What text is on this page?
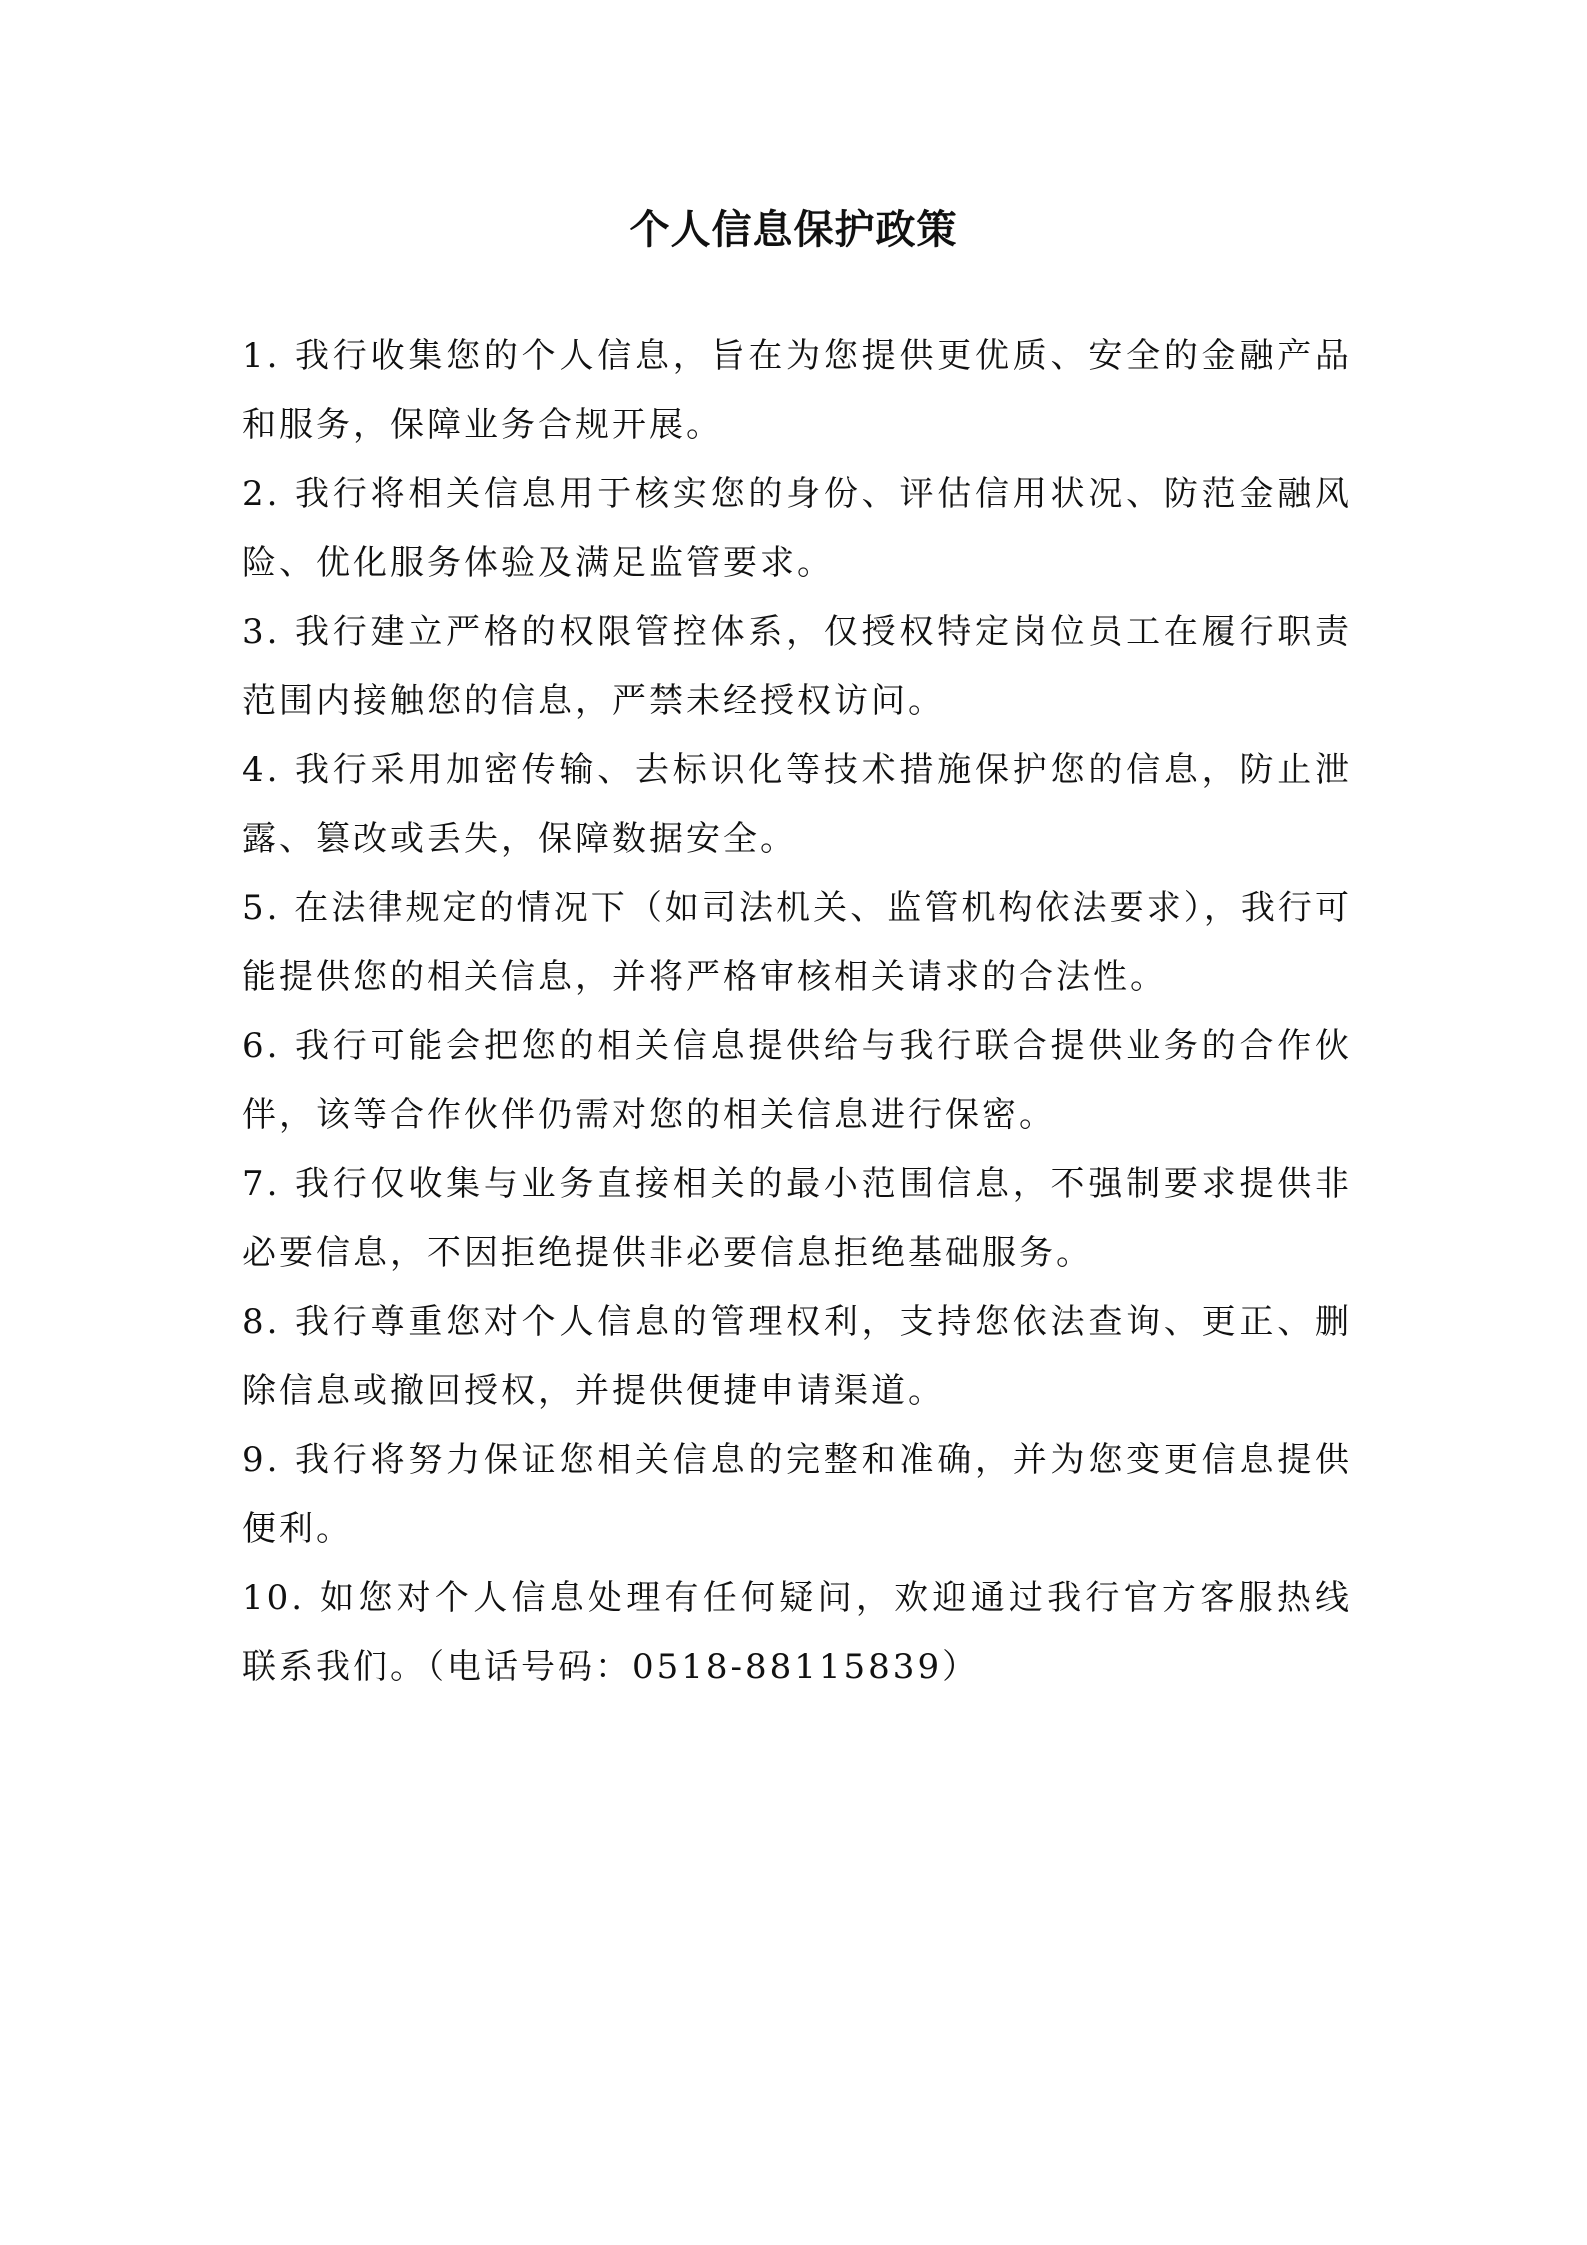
个人信息保护政策
1. 我行收集您的个人信息，旨在为您提供更优质、安全的金融产品和服务，保障业务合规开展。
2. 我行将相关信息用于核实您的身份、评估信用状况、防范金融风险、优化服务体验及满足监管要求。
3. 我行建立严格的权限管控体系，仅授权特定岗位员工在履行职责范围内接触您的信息，严禁未经授权访问。
4. 我行采用加密传输、去标识化等技术措施保护您的信息，防止泄露、篡改或丢失，保障数据安全。
5. 在法律规定的情况下（如司法机关、监管机构依法要求），我行可能提供您的相关信息，并将严格审核相关请求的合法性。
6. 我行可能会把您的相关信息提供给与我行联合提供业务的合作伙伴，该等合作伙伴仍需对您的相关信息进行保密。
7. 我行仅收集与业务直接相关的最小范围信息，不强制要求提供非必要信息，不因拒绝提供非必要信息拒绝基础服务。
8. 我行尊重您对个人信息的管理权利，支持您依法查询、更正、删除信息或撤回授权，并提供便捷申请渠道。
9. 我行将努力保证您相关信息的完整和准确，并为您变更信息提供便利。
10. 如您对个人信息处理有任何疑问，欢迎通过我行官方客服热线联系我们。（电话号码：0518-88115839）
